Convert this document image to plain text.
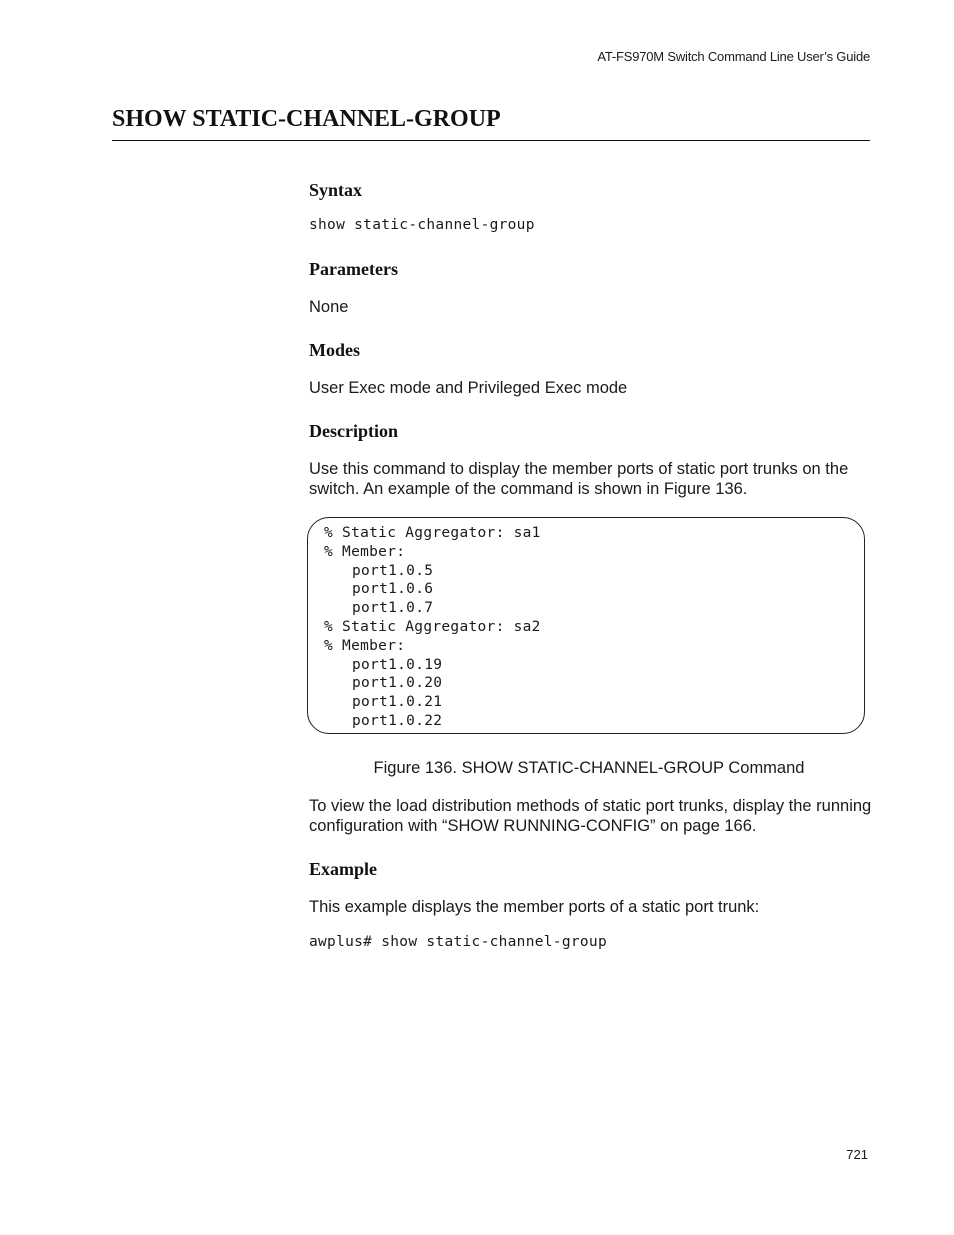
AT-FS970M Switch Command Line User’s Guide
SHOW STATIC-CHANNEL-GROUP
Syntax
show static-channel-group
Parameters

None

Modes

User Exec mode and Privileged Exec mode

Description

Use this command to display the member ports of static port trunks on the switch. An example of the command is shown in Figure 136.

% Static Aggregator: sa1
% Member:
port1.0.5
port1.0.6
port1.0.7
% Static Aggregator: sa2
% Member:
port1.0.19
port1.0.20
port1.0.21
port1.0.22
Figure 136. SHOW STATIC-CHANNEL-GROUP Command

To view the load distribution methods of static port trunks, display the running configuration with “SHOW RUNNING-CONFIG” on page 166.

Example

This example displays the member ports of a static port trunk:

awplus# show static-channel-group
721
